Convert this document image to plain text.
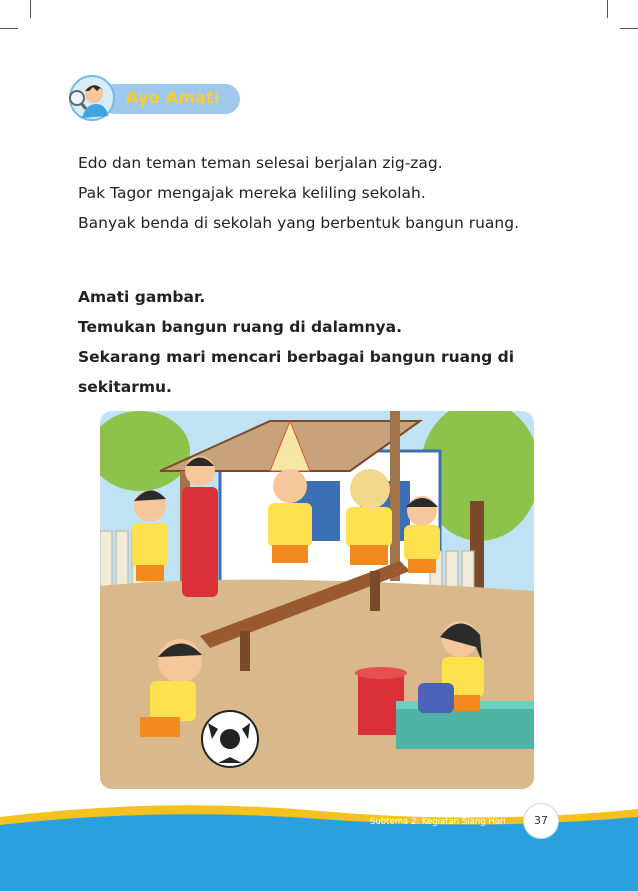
Ayo Amati

Edo dan teman teman selesai berjalan zig-zag.

Pak Tagor mengajak mereka keliling sekolah.

Banyak benda di sekolah yang berbentuk bangun ruang.

Amati gambar.

Temukan bangun ruang di dalamnya.

Sekarang mari mencari berbagai bangun ruang di

sekitarmu.

Subtema 2: Kegiatan Siang Hari	37
